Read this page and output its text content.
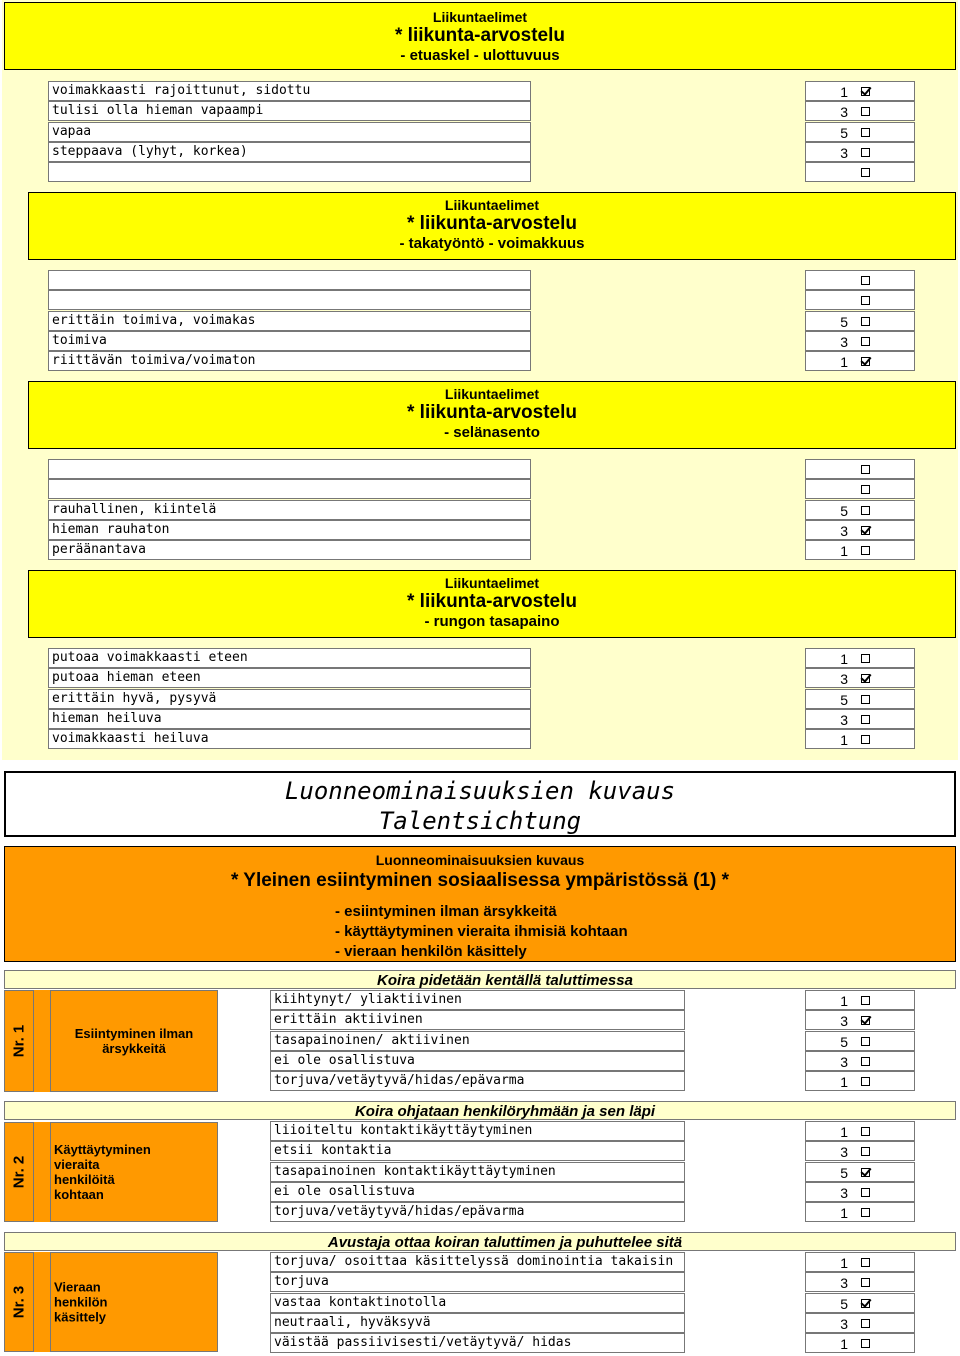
Liikuntaelimet
* liikunta-arvostelu
- etuaskel - ulottuvuus
voimakkaasti rajoittunut, sidottu	1
tulisi olla hieman vapaampi	3
vapaa	5
steppaava (lyhyt, korkea)	3
Liikuntaelimet
* liikunta-arvostelu
- takatyöntö - voimakkuus
erittäin toimiva, voimakas	5
toimiva	3
riittävän toimiva/voimaton	1
Liikuntaelimet
* liikunta-arvostelu
- selänasento
rauhallinen, kiintelä	5
hieman rauhaton	3
peräänantava	1
Liikuntaelimet
* liikunta-arvostelu
- rungon tasapaino
putoaa voimakkaasti eteen	1
putoaa hieman eteen	3
erittäin hyvä, pysyvä	5
hieman heiluva	3
voimakkaasti heiluva	1
Luonneominaisuuksien kuvaus
Talentsichtung
Luonneominaisuuksien kuvaus
* Yleinen esiintyminen sosiaalisessa ympäristössä (1) *
- esiintyminen ilman ärsykkeitä
- käyttäytyminen vieraita ihmisiä kohtaan
- vieraan henkilön käsittely
Nr. 1	Esiintyminen ilman ärsykkeitä
Koira pidetään kentällä taluttimessa
kiihtynyt/ yliaktiivinen	1
erittäin aktiivinen	3
tasapainoinen/ aktiivinen	5
ei ole osallistuva	3
torjuva/vetäytyvä/hidas/epävarma	1
Nr. 2
Käyttäytyminen vieraita henkilöitä kohtaan
Koira ohjataan henkilöryhmään ja sen läpi
liioiteltu kontaktikäyttäytyminen	1
etsii kontaktia	3
tasapainoinen kontaktikäyttäytyminen	5
ei ole osallistuva	3
torjuva/vetäytyvä/hidas/epävarma	1
Nr. 3 Vieraan henkilön käsittely
Avustaja ottaa koiran taluttimen ja puhuttelee sitä
torjuva/ osoittaa käsittelyssä dominointia takaisin	1
torjuva	3
vastaa kontaktinotolla	5
neutraali, hyväksyvä	3
väistää passiivisesti/vetäytyvä/ hidas	1
